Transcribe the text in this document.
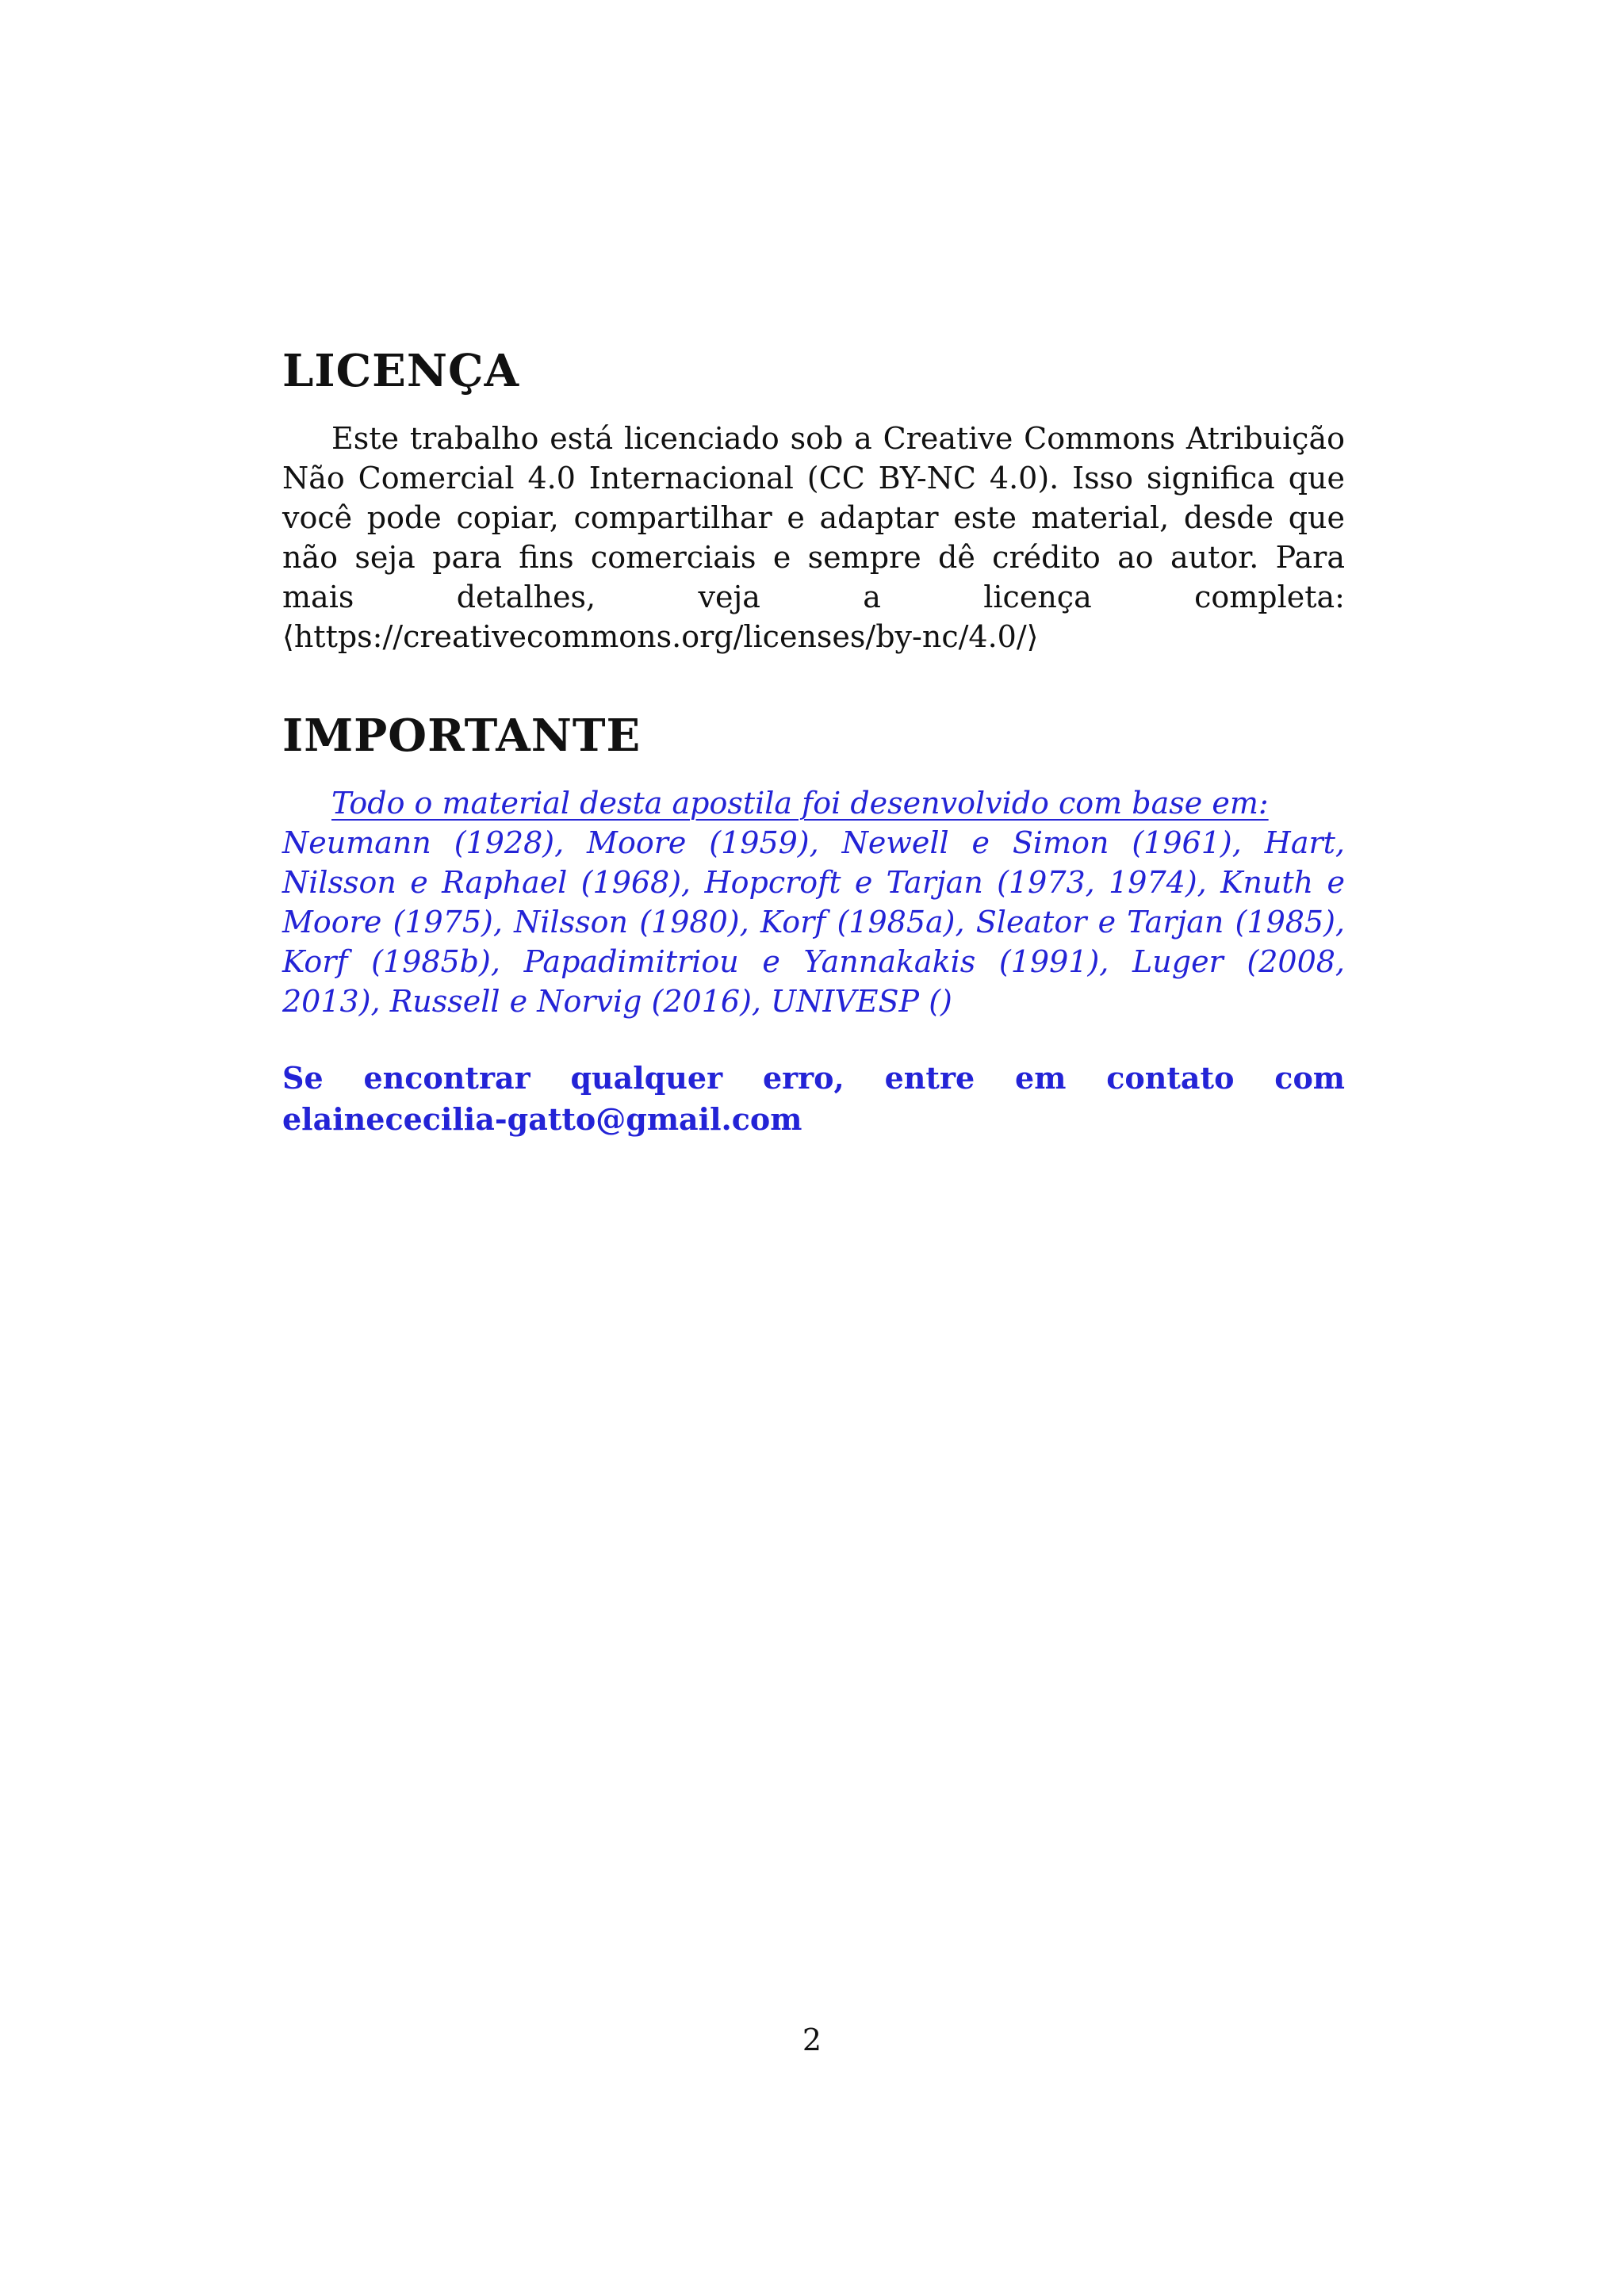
LICENÇA

Este trabalho está licenciado sob a Creative Commons Atribuição Não Comercial 4.0 Internacional (CC BY-NC 4.0). Isso significa que você pode copiar, compartilhar e adaptar este material, desde que não seja para fins comerciais e sempre dê crédito ao autor. Para mais detalhes, veja a licença completa: ⟨https://creativecommons.org/licenses/by-nc/4.0/⟩

IMPORTANTE

Todo o material desta apostila foi desenvolvido com base em: Neumann (1928), Moore (1959), Newell e Simon (1961), Hart, Nilsson e Raphael (1968), Hopcroft e Tarjan (1973, 1974), Knuth e Moore (1975), Nilsson (1980), Korf (1985a), Sleator e Tarjan (1985), Korf (1985b), Papadimitriou e Yannakakis (1991), Luger (2008, 2013), Russell e Norvig (2016), UNIVESP ()

Se encontrar qualquer erro, entre em contato com elainececilia-gatto@gmail.com
2
